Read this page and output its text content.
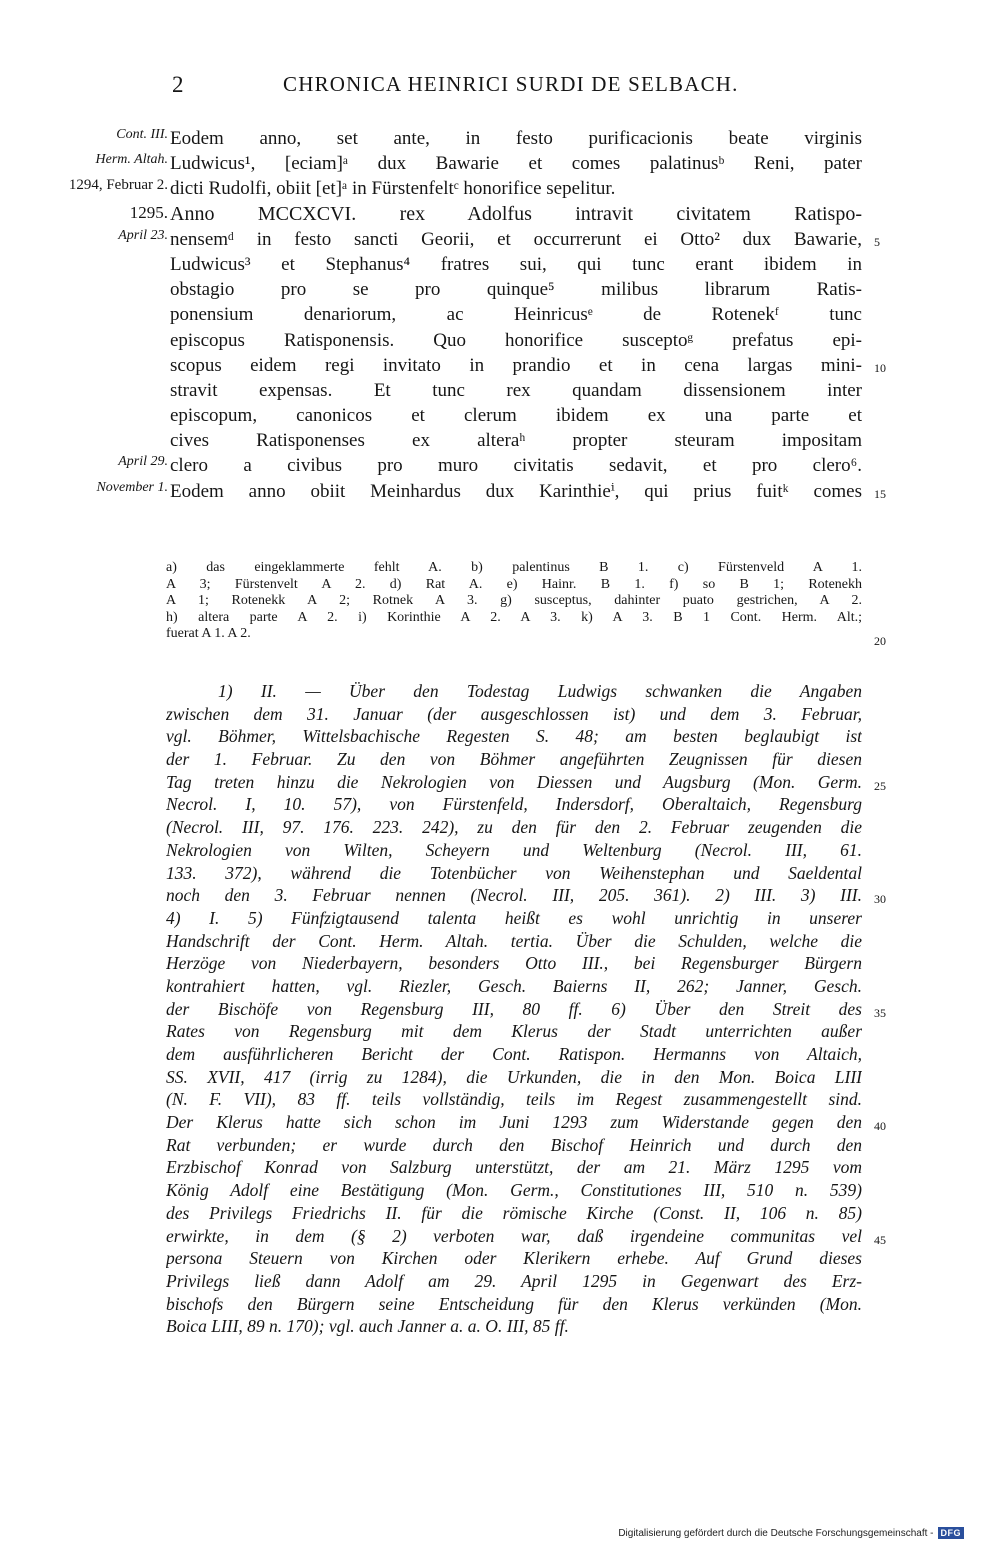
2	CHRONICA HEINRICI SURDI DE SELBACH.
Cont. III. Eodem anno, set ante, in festo purificacionis beate virginis
Herm. Altah. Ludwicus¹, [eciam]ᵃ dux Bawarie et comes palatinusᵇ Reni, pater
1294, Februar 2. dicti Rudolfi, obiit [et]ᵃ in Fürstenfeltᶜ honorifice sepelitur.
1295. Anno MCCXCVI. rex Adolfus intravit civitatem Ratispo-
April 23. nensemᵈ in festo sancti Georii, et occurrerunt ei Otto² dux Bawarie, 5
Ludwicus³ et Stephanus⁴ fratres sui, qui tunc erant ibidem in
obstagio pro se pro quinque⁵ milibus librarum Ratis-
ponensium denariorum, ac Heinricusᵉ de Rotenekᶠ tunc
episcopus Ratisponensis. Quo honorifice susceptoᵍ prefatus epi-
scopus eidem regi invitato in prandio et in cena largas mini- 10
stravit expensas. Et tunc rex quandam dissensionem inter
episcopum, canonicos et clerum ibidem ex una parte et
cives Ratisponenses ex alteraʰ propter steuram impositam
April 29. clero a civibus pro muro civitatis sedavit, et pro clero⁶.
November 1. Eodem anno obiit Meinhardus dux Karinthieⁱ, qui prius fuitᵏ comes 15
a) das eingeklammerte fehlt A. b) palentinus B 1. c) Fürstenveld A 1.
A 3; Fürstenvelt A 2. d) Rat A. e) Hainr. B 1. f) so B 1; Rotenekh
A 1; Rotenekk A 2; Rotnek A 3. g) susceptus, dahinter puato gestrichen, A 2.
h) altera parte A 2. i) Korinthie A 2. A 3. k) A 3. B 1 Cont. Herm. Alt.;
fuerat A 1. A 2.	20
1) II. — Über den Todestag Ludwigs schwanken die Angaben
zwischen dem 31. Januar (der ausgeschlossen ist) und dem 3. Februar,
vgl. Böhmer, Wittelsbachische Regesten S. 48; am besten beglaubigt ist
der 1. Februar. Zu den von Böhmer angeführten Zeugnissen für diesen
Tag treten hinzu die Nekrologien von Diessen und Augsburg (Mon. Germ. 25
Necrol. I, 10. 57), von Fürstenfeld, Indersdorf, Oberaltaich, Regensburg
(Necrol. III, 97. 176. 223. 242), zu den für den 2. Februar zeugenden die
Nekrologien von Wilten, Scheyern und Weltenburg (Necrol. III, 61.
133. 372), während die Totenbücher von Weihenstephan und Saeldental
noch den 3. Februar nennen (Necrol. III, 205. 361). 2) III. 3) III. 30
4) I. 5) Fünfzigtausend talenta heißt es wohl unrichtig in unserer
Handschrift der Cont. Herm. Altah. tertia. Über die Schulden, welche die
Herzöge von Niederbayern, besonders Otto III., bei Regensburger Bürgern
kontrahiert hatten, vgl. Riezler, Gesch. Baierns II, 262; Janner, Gesch.
der Bischöfe von Regensburg III, 80 ff. 6) Über den Streit des 35
Rates von Regensburg mit dem Klerus der Stadt unterrichten außer
dem ausführlicheren Bericht der Cont. Ratispon. Hermanns von Altaich,
SS. XVII, 417 (irrig zu 1284), die Urkunden, die in den Mon. Boica LIII
(N. F. VII), 83 ff. teils vollständig, teils im Regest zusammengestellt sind.
Der Klerus hatte sich schon im Juni 1293 zum Widerstande gegen den 40
Rat verbunden; er wurde durch den Bischof Heinrich und durch den
Erzbischof Konrad von Salzburg unterstützt, der am 21. März 1295 vom
König Adolf eine Bestätigung (Mon. Germ., Constitutiones III, 510 n. 539)
des Privilegs Friedrichs II. für die römische Kirche (Const. II, 106 n. 85)
erwirkte, in dem (§ 2) verboten war, daß irgendeine communitas vel 45
persona Steuern von Kirchen oder Klerikern erhebe. Auf Grund dieses
Privilegs ließ dann Adolf am 29. April 1295 in Gegenwart des Erz-
bischofs den Bürgern seine Entscheidung für den Klerus verkünden (Mon.
Boica LIII, 89 n. 170); vgl. auch Janner a. a. O. III, 85 ff.
Digitalisierung gefördert durch die Deutsche Forschungsgemeinschaft - DFG
